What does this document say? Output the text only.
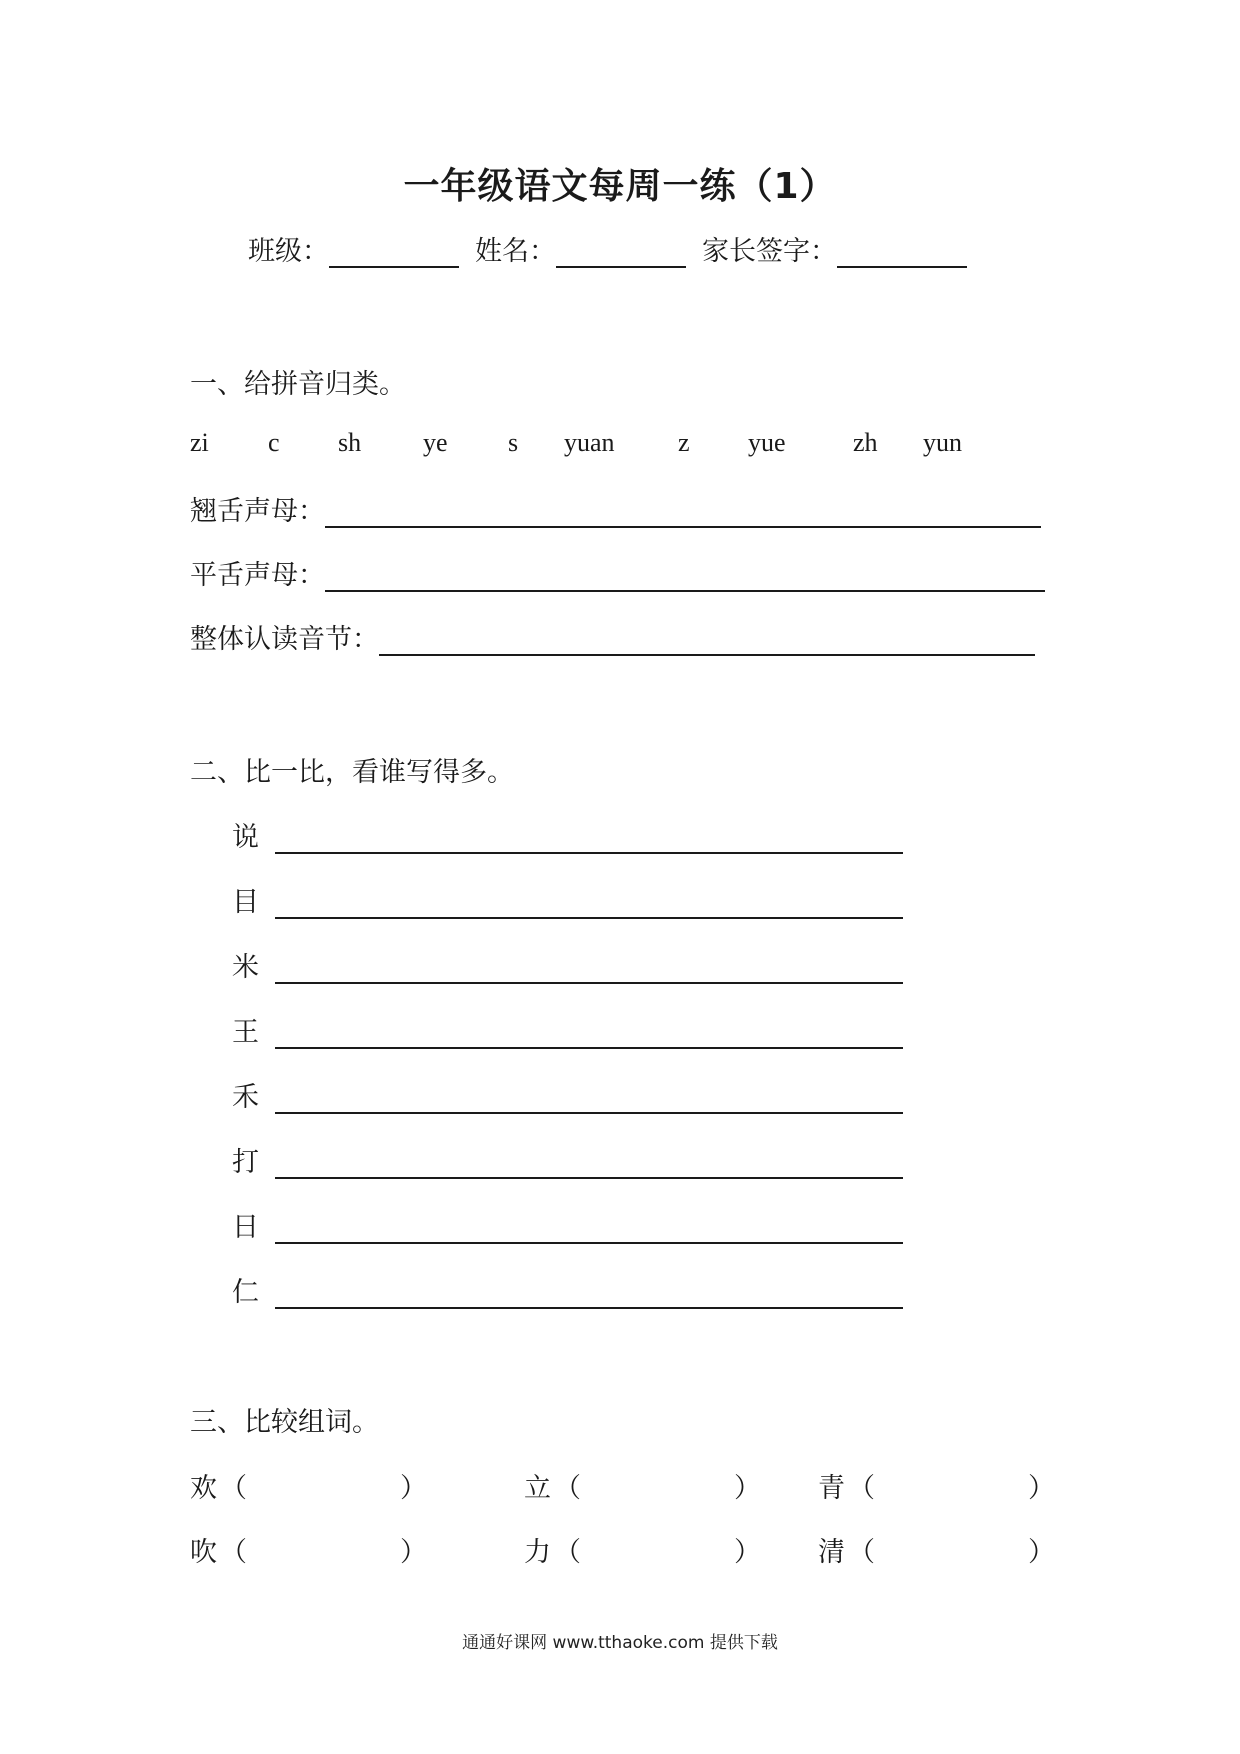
一年级语文每周一练（1）
班级：	姓名：	家长签字：
一、给拼音归类。
zi c sh ye s yuan z yue	zh yun
翘舌声母：
平舌声母：
整体认读音节：
二、比一比，看谁写得多。
说
目
米
王
禾
打
日
仁
三、比较组词。
欢 （	）	立 （	） 青 （	）
吹 （	）	力 （	） 清 （	）
通通好课网 www.tthaoke.com 提供下载
